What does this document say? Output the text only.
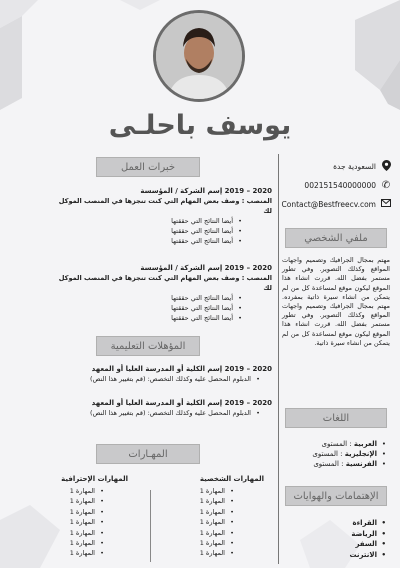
يوسف باحلـى
السعودية جدة
✆
002151540000000
Contact@Bestfreecv.com
ملفي الشخصي
مهتم بمجال الجرافيك وتصميم واجهات المواقع وكذلك التصوير. وفي تطور مستمر بفضل الله. قررت انشاء هذا الموقع ليكون موقع لمساعدة كل من لم يتمكن من انشاء سيرة ذاتية بمفرده. مهتم بمجال الجرافيك وتصميم واجهات المواقع وكذلك التصوير. وفي تطور مستمر بفضل الله. قررت انشاء هذا الموقع ليكون موقع لمساعدة كل من لم يتمكن من انشاء سيرة ذاتية.
اللغات
• العربية : المستوى
• الإنجليزية : المستوى
• الفرنسية : المستوى
الإهتمامات والهوايات
• القراءة
• الرياضة
• السفر
• الانترنت
خبرات العمل
2020 – 2019 إسم الشركة / المؤسسة
المنصب : وصف بعض المهام التي كنت تنجزها في المنصب الموكل لك
• أيضا النتائج التي حققتها
• أيضا النتائج التي حققتها
• أيضا النتائج التي حققتها
2020 – 2019 إسم الشركة / المؤسسة
المنصب : وصف بعض المهام التي كنت تنجزها في المنصب الموكل لك
• أيضا النتائج التي حققتها
• أيضا النتائج التي حققتها
• أيضا النتائج التي حققتها
المؤهلات التعليمية
2020 – 2019 إسم الكلية أو المدرسة العليا أو المعهد
• الدبلوم المحصل عليه وكذلك التخصص: (قم بتغيير هذا النص)
2020 – 2019 إسم الكلية أو المدرسة العليا أو المعهد
• الدبلوم المحصل عليه وكذلك التخصص: (قم بتغيير هذا النص)
المهـارات
المهارات الشخصية
• المهارة 1
• المهارة 1
• المهارة 1
• المهارة 1
• المهارة 1
• المهارة 1
• المهارة 1
المهارات الإحترافية
• المهارة 1
• المهارة 1
• المهارة 1
• المهارة 1
• المهارة 1
• المهارة 1
• المهارة 1
